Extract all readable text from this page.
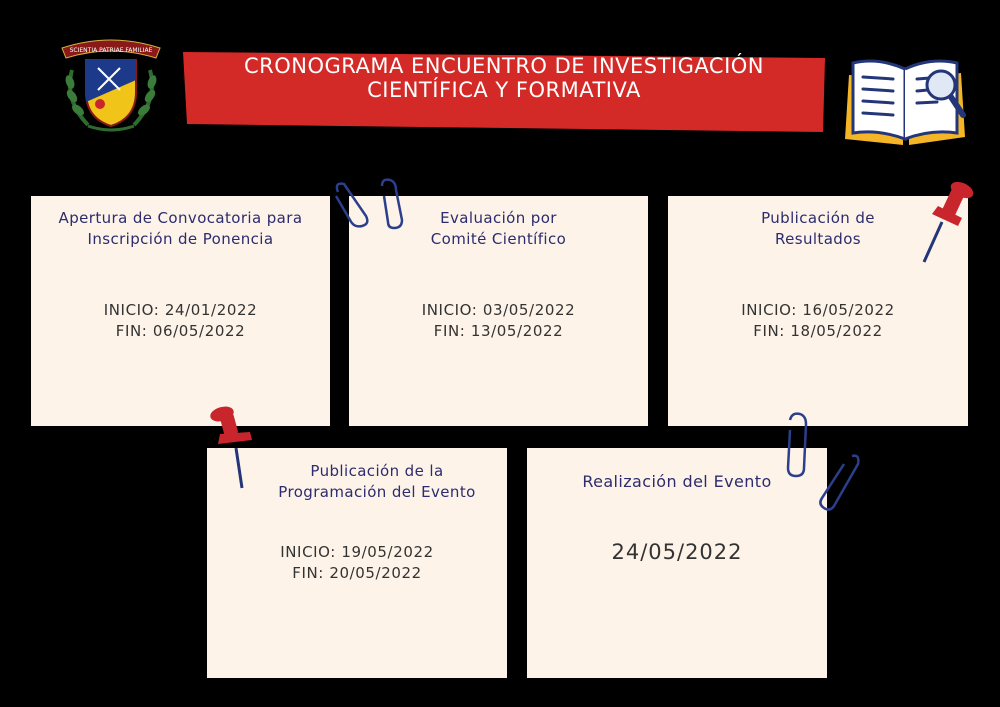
CRONOGRAMA ENCUENTRO DE INVESTIGACIÓN
CIENTÍFICA Y FORMATIVA
SCIENTIA PATRIAE FAMILIAE
Apertura de Convocatoria para
Inscripción de Ponencia
INICIO: 24/01/2022
FIN: 06/05/2022
Evaluación por
Comité Científico
INICIO: 03/05/2022
FIN: 13/05/2022
Publicación de
Resultados
INICIO: 16/05/2022
FIN: 18/05/2022
Publicación de la
Programación del Evento
INICIO: 19/05/2022
FIN: 20/05/2022
Realización del Evento
24/05/2022
